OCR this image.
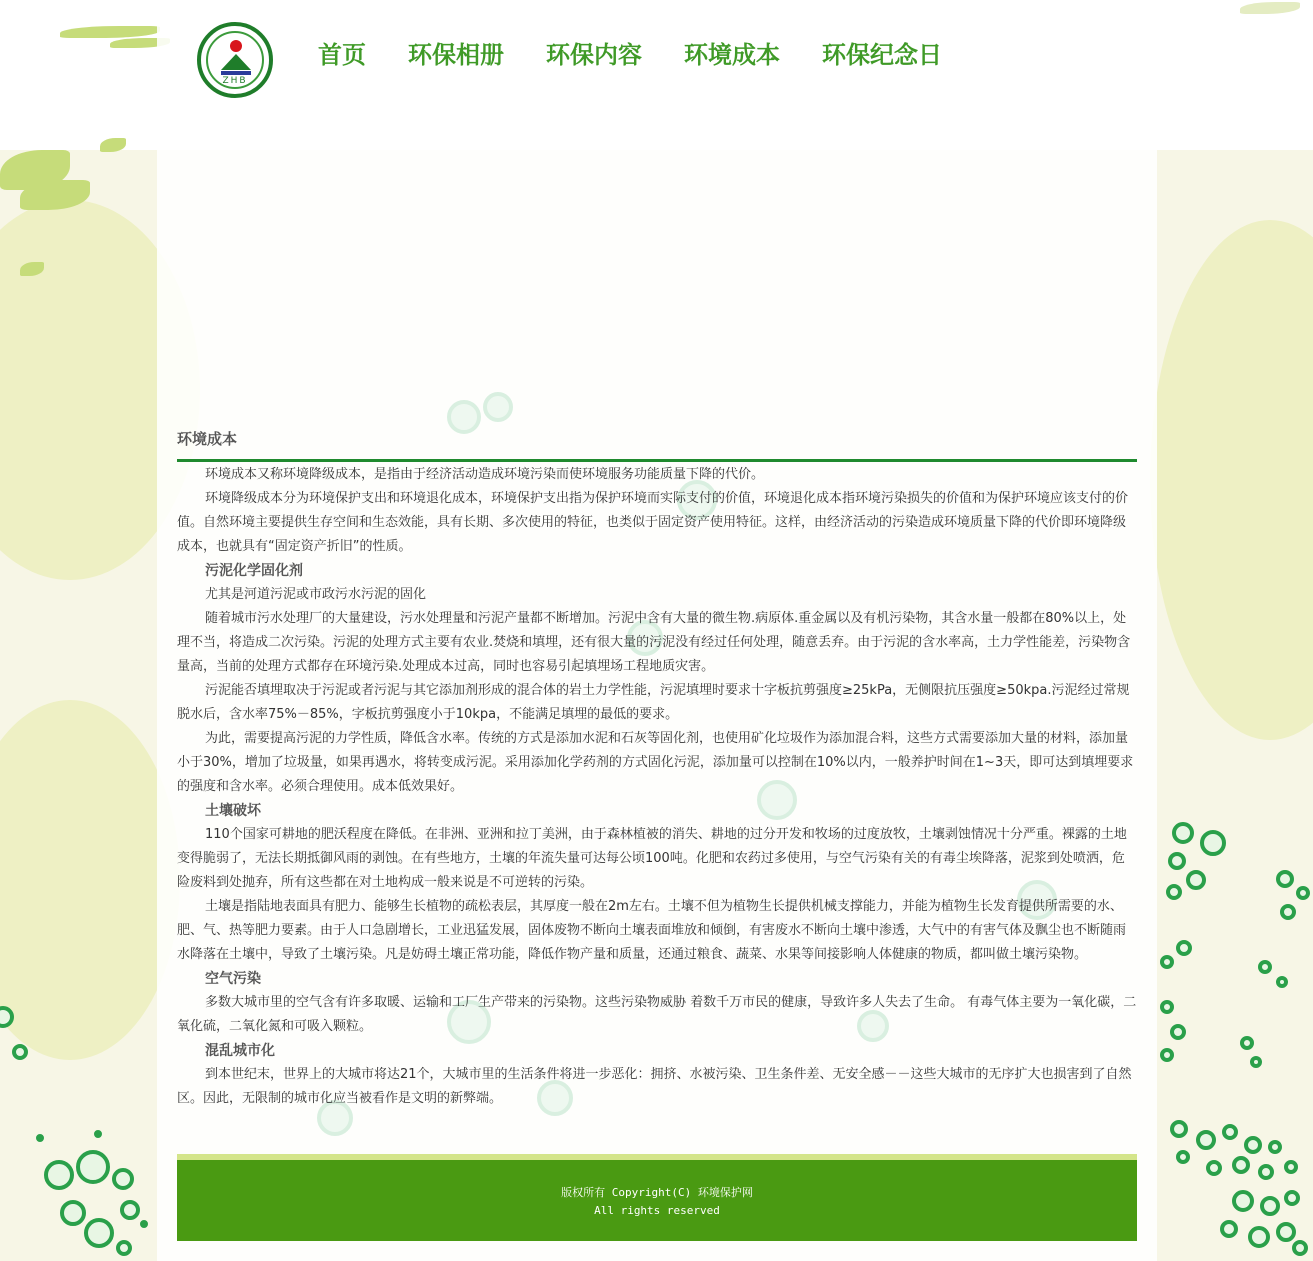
ZHB
首页 环保相册 环保内容 环境成本 环保纪念日
环境成本

环境成本又称环境降级成本，是指由于经济活动造成环境污染而使环境服务功能质量下降的代价。

环境降级成本分为环境保护支出和环境退化成本，环境保护支出指为保护环境而实际支付的价值，环境退化成本指环境污染损失的价值和为保护环境应该支付的价值。自然环境主要提供生存空间和生态效能，具有长期、多次使用的特征，也类似于固定资产使用特征。这样，由经济活动的污染造成环境质量下降的代价即环境降级成本，也就具有“固定资产折旧”的性质。

污泥化学固化剂

尤其是河道污泥或市政污水污泥的固化

随着城市污水处理厂的大量建设，污水处理量和污泥产量都不断增加。污泥中含有大量的微生物.病原体.重金属以及有机污染物，其含水量一般都在80%以上，处理不当，将造成二次污染。污泥的处理方式主要有农业.焚烧和填埋，还有很大量的污泥没有经过任何处理，随意丢弃。由于污泥的含水率高，土力学性能差，污染物含量高，当前的处理方式都存在环境污染.处理成本过高，同时也容易引起填埋场工程地质灾害。

污泥能否填埋取决于污泥或者污泥与其它添加剂形成的混合体的岩土力学性能，污泥填埋时要求十字板抗剪强度≥25kPa，无侧限抗压强度≥50kpa.污泥经过常规脱水后，含水率75%－85%，字板抗剪强度小于10kpa，不能满足填埋的最低的要求。

为此，需要提高污泥的力学性质，降低含水率。传统的方式是添加水泥和石灰等固化剂，也使用矿化垃圾作为添加混合料，这些方式需要添加大量的材料，添加量小于30%，增加了垃圾量，如果再遇水，将转变成污泥。采用添加化学药剂的方式固化污泥，添加量可以控制在10%以内，一般养护时间在1~3天，即可达到填埋要求的强度和含水率。必须合理使用。成本低效果好。

土壤破坏

110个国家可耕地的肥沃程度在降低。在非洲、亚洲和拉丁美洲，由于森林植被的消失、耕地的过分开发和牧场的过度放牧，土壤剥蚀情况十分严重。裸露的土地变得脆弱了，无法长期抵御风雨的剥蚀。在有些地方，土壤的年流失量可达每公顷100吨。化肥和农药过多使用，与空气污染有关的有毒尘埃降落，泥浆到处喷洒，危险废料到处抛弃，所有这些都在对土地构成一般来说是不可逆转的污染。

土壤是指陆地表面具有肥力、能够生长植物的疏松表层，其厚度一般在2m左右。土壤不但为植物生长提供机械支撑能力，并能为植物生长发育提供所需要的水、肥、气、热等肥力要素。由于人口急剧增长，工业迅猛发展，固体废物不断向土壤表面堆放和倾倒，有害废水不断向土壤中渗透，大气中的有害气体及飘尘也不断随雨水降落在土壤中，导致了土壤污染。凡是妨碍土壤正常功能，降低作物产量和质量，还通过粮食、蔬菜、水果等间接影响人体健康的物质，都叫做土壤污染物。

空气污染

多数大城市里的空气含有许多取暖、运输和工厂生产带来的污染物。这些污染物威胁 着数千万市民的健康，导致许多人失去了生命。 有毒气体主要为一氧化碳，二氧化硫，二氧化氮和可吸入颗粒。

混乱城市化

到本世纪末，世界上的大城市将达21个，大城市里的生活条件将进一步恶化：拥挤、水被污染、卫生条件差、无安全感－－这些大城市的无序扩大也损害到了自然区。因此，无限制的城市化应当被看作是文明的新弊端。

版权所有 Copyright(C) 环境保护网
All rights reserved
